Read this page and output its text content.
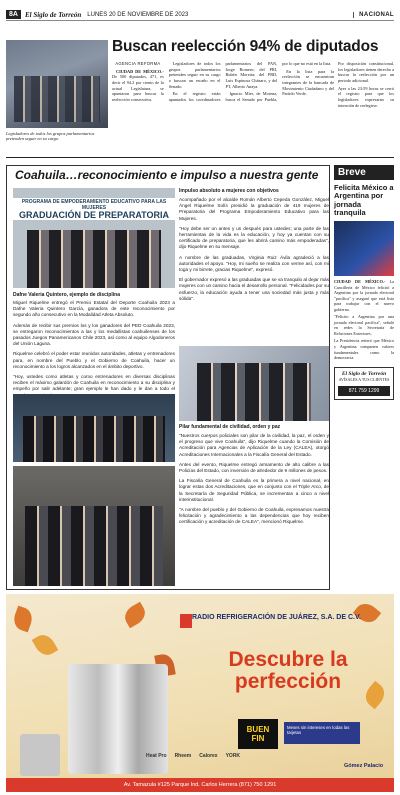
8A	El Siglo de Torreón LUNES 20 DE NOVIEMBRE DE 2023	NACIONAL
Legisladores de todos los grupos parlamentarios pretenden seguir en su cargo.
Buscan reelección 94% de diputados
AGENCIA REFORMA

CIUDAD DE MÉXICO.- De 500 diputados, 471, es decir el 94.2 por ciento de la actual Legislatura, se apuntaron para buscar la reelección consecutiva.

Legisladores de todos los grupos parlamentarios pretenden seguir en su cargo o buscan un escaño en el Senado.

En el registro están apuntados los coordinadores parlamentarios del PAN, Jorge Romero; del PRI, Rubén Moreira; del PRD, Luis Espinosa Cházaro, y del PT, Alberto Anaya.

Ignacio Mier, de Morena, busca el Senado por Puebla, por lo que no está en la lista.

En la lista para la reelección se encuentran integrantes de la bancada de Movimiento Ciudadano y del Partido Verde.

Por disposición constitucional, los legisladores tienen derecho a buscar la reelección por un periodo adicional.

Ayer a las 23:59 horas se cerró el registro para que los legisladores expresaran su intención de reelegirse.

Coahuila…reconocimiento e impulso a nuestra gente
PROGRAMA DE EMPODERAMIENTO EDUCATIVO PARA LAS MUJERES
GRADUACIÓN DE PREPARATORIA
Dafne Valeria Quintero, ejemplo de disciplina

Miguel Riquelme entregó el Premio Estatal del Deporte Coahuila 2023 a Dafne Valeria Quintero García, ganadora de este reconocimiento por segundo año consecutivo en la Modalidad Atleta Absoluto.

Además de recibir sus premios los y los ganadores del PED Coahuila 2023, se entregaron reconocimientos a las y los medallistas coahuilenses de los pasados Juegos Panamericanos Chile 2023, así como al equipo Algodoneros del Unión Laguna.

Riquelme celebró el poder estar reunidos autoridades, atletas y entrenadores para, en nombre del Pueblo y el Gobierno de Coahuila, hacer un reconocimiento a los logros alcanzados en el ámbito deportivo.

"Hoy, ustedes como atletas y como entrenadores en diversas disciplinas reciben el máximo galardón de Coahuila en reconocimiento a su disciplina y empeño por salir adelante; gran ejemplo le han dado y le dan a todo el

Impulso absoluto a mujeres con objetivos

Acompañado por el alcalde Román Alberto Cepeda González, Miguel Ángel Riquelme Solís presidió la graduación de 419 mujeres de Preparatoria del Programa Empoderamiento Educativo para las Mujeres.

"Hoy debe ser un antes y un después para ustedes; una parte de las herramientas de la vida es la educación, y hoy ya cuentan con su certificado de preparatoria, que les abrirá camino más empoderadas", dijo Riquelme en su mensaje.

A nombre de las graduadas, Virginia Ruiz Ávila agradeció a las autoridades el apoyo. "Hoy, mi sueño se realiza con verme así, con mi toga y mi birrete, gracias Riquelme", expresó.

El gobernador expresó a las graduadas que se va tranquilo al dejar más mujeres con un camino hacia el desarrollo personal. "Felicidades por su esfuerzo, la educación ayuda a tener una sociedad más justa y más sólida".

Pilar fundamental de civilidad, orden y paz

"Nuestros cuerpos policiales son pilar de la civilidad, la paz, el orden y el progreso que vive Coahuila", dijo Riquelme cuando la Comisión de Acreditación para Agencias de Aplicación de la Ley (CALEA), otorgó Acreditaciones Internacionales a la Fiscalía General del Estado.

Antes del evento, Riquelme entregó armamento de alto calibre a las Policías del Estado, con inversión de alrededor de 9 millones de pesos.

La Fiscalía General de Coahuila es la primera a nivel nacional, en lograr estas dos Acreditaciones, que en conjunto con el Triple Arco, de la Secretaría de Seguridad Pública, se incrementan a cinco a nivel interinstitucional.

"A nombre del pueblo y del Gobierno de Coahuila, expresamos nuestra felicitación y agradecimiento a las dependencias que hoy reciben certificación y acreditación de CALEA", mencionó Riquelme.

Breve
Felicita México a Argentina por jornada tranquila

CIUDAD DE MÉXICO.- La Cancillería de México felicitó a Argentina por la jornada electoral "pacífica" y aseguró que está lista para trabajar con el nuevo gobierno.

"Felicito a Argentina por una jornada electoral pacífica", señaló en redes la Secretaría de Relaciones Exteriores.

La Presidencia reiteró que México y Argentina comparten valores fundamentales como la democracia.

El Siglo de Torreón
AVÍSALES A TUS CLIENTES
871 759 1299
RADIO REFRIGERACIÓN DE JUÁREZ, S.A. DE C.V.
Descubre la perfección
BUEN
FIN
Meses sin intereses en todas las tarjetas
Heat Pro Rheem Calorex YORK
Gómez Palacio
Av. Tamazula #125 Parque Ind. Carlos Herrera (871) 750 1291
